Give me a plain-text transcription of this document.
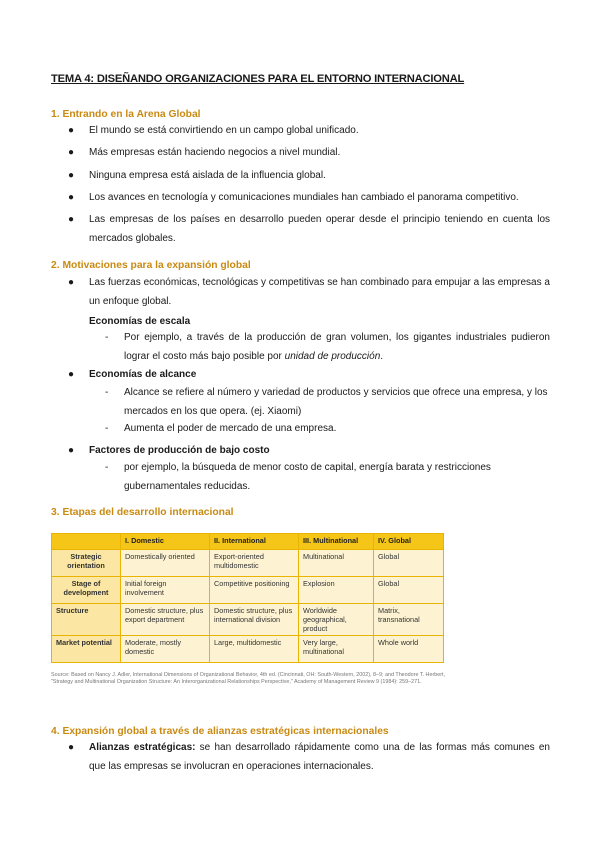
TEMA 4: DISEÑANDO ORGANIZACIONES PARA EL ENTORNO INTERNACIONAL
1. Entrando en la Arena Global
● El mundo se está convirtiendo en un campo global unificado.
● Más empresas están haciendo negocios a nivel mundial.
● Ninguna empresa está aislada de la influencia global.
● Los avances en tecnología y comunicaciones mundiales han cambiado el panorama competitivo.
● Las empresas de los países en desarrollo pueden operar desde el principio teniendo en cuenta los mercados globales.
2. Motivaciones para la expansión global
● Las fuerzas económicas, tecnológicas y competitivas se han combinado para empujar a las empresas a un enfoque global.
Economías de escala
- Por ejemplo, a través de la producción de gran volumen, los gigantes industriales pudieron lograr el costo más bajo posible por unidad de producción.
● Economías de alcance
- Alcance se refiere al número y variedad de productos y servicios que ofrece una empresa, y los mercados en los que opera. (ej. Xiaomi)
- Aumenta el poder de mercado de una empresa.
● Factores de producción de bajo costo
- por ejemplo, la búsqueda de menor costo de capital, energía barata y restricciones gubernamentales reducidas.
3. Etapas del desarrollo internacional
	I. Domestic	II. International	III. Multinational	IV. Global
Strategic orientation	Domestically oriented	Export-oriented multidomestic	Multinational	Global
Stage of development	Initial foreign involvement	Competitive positioning	Explosion	Global
Structure	Domestic structure, plus export department	Domestic structure, plus international division	Worldwide geographical, product	Matrix, transnational
Market potential	Moderate, mostly domestic	Large, multidomestic	Very large, multinational	Whole world
Source: Based on Nancy J. Adler, International Dimensions of Organizational Behavior, 4th ed. (Cincinnati, OH: South-Western, 2002), 8–9; and Theodore T. Herbert, "Strategy and Multinational Organization Structure: An Interorganizational Relationships Perspective," Academy of Management Review 9 (1984): 259–271.
4. Expansión global a través de alianzas estratégicas internacionales
● Alianzas estratégicas: se han desarrollado rápidamente como una de las formas más comunes en que las empresas se involucran en operaciones internacionales.
